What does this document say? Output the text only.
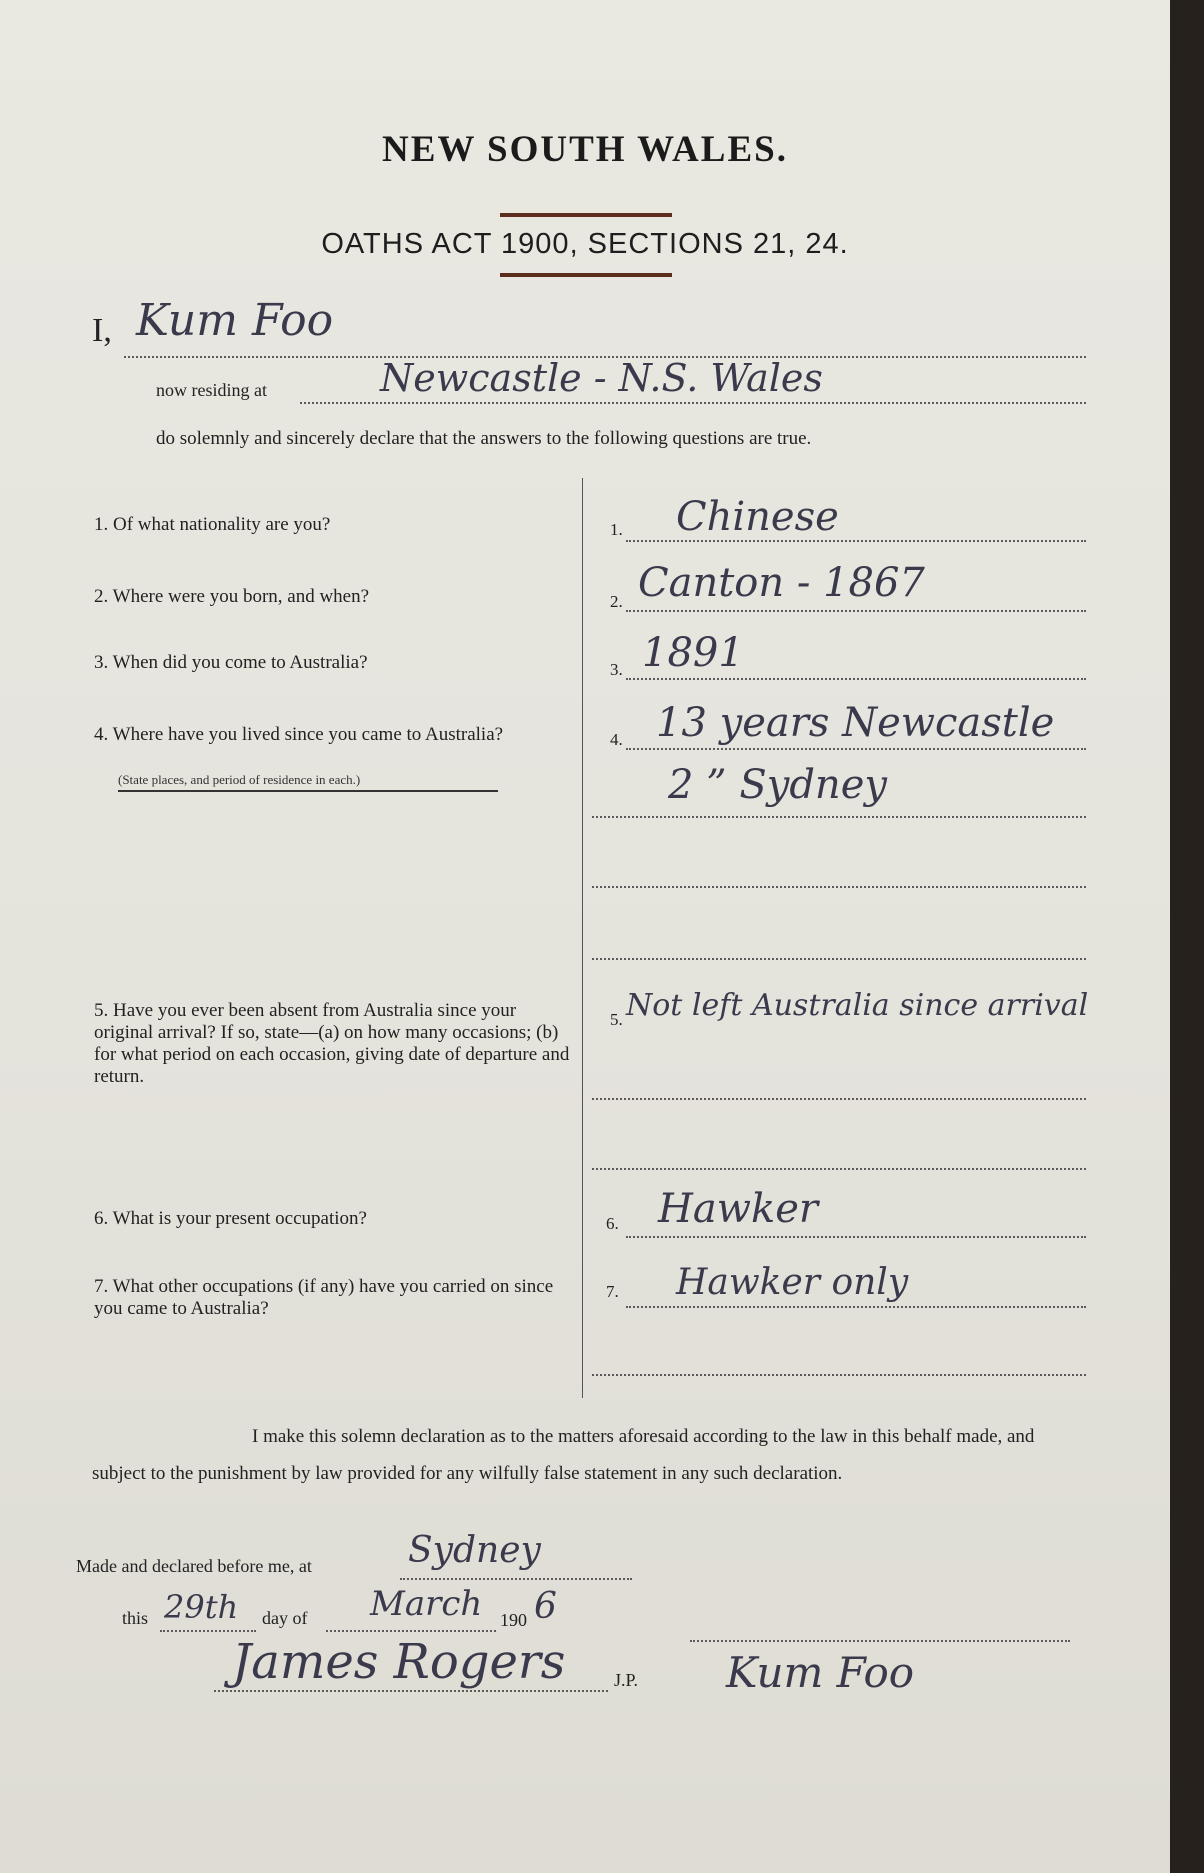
NEW SOUTH WALES.
OATHS ACT 1900, SECTIONS 21, 24.
I, Kum Foo
now residing at	Newcastle - N.S. Wales
do solemnly and sincerely declare that the answers to the following questions are true.
1. Of what nationality are you?	1. Chinese
2. Where were you born, and when?	2. Canton - 1867
3. When did you come to Australia?	3. 1891
4. Where have you lived since you came to Australia?
(State places, and period of residence in each.)
4. 13 years Newcastle
2 ” Sydney
5. Have you ever been absent from Australia since your original arrival? If so, state—(a) on how many occasions; (b) for what period on each occasion, giving date of departure and return.
5. Not left Australia since arrival
6. What is your present occupation?	6. Hawker
7. What other occupations (if any) have you carried on since you came to Australia?
7. Hawker only
I make this solemn declaration as to the matters aforesaid according to the law in this behalf made, and subject to the punishment by law provided for any wilfully false statement in any such declaration.
Made and declared before me, at	Sydney
this 29th day of March 190 6
James Rogers	J.P. Kum Foo
